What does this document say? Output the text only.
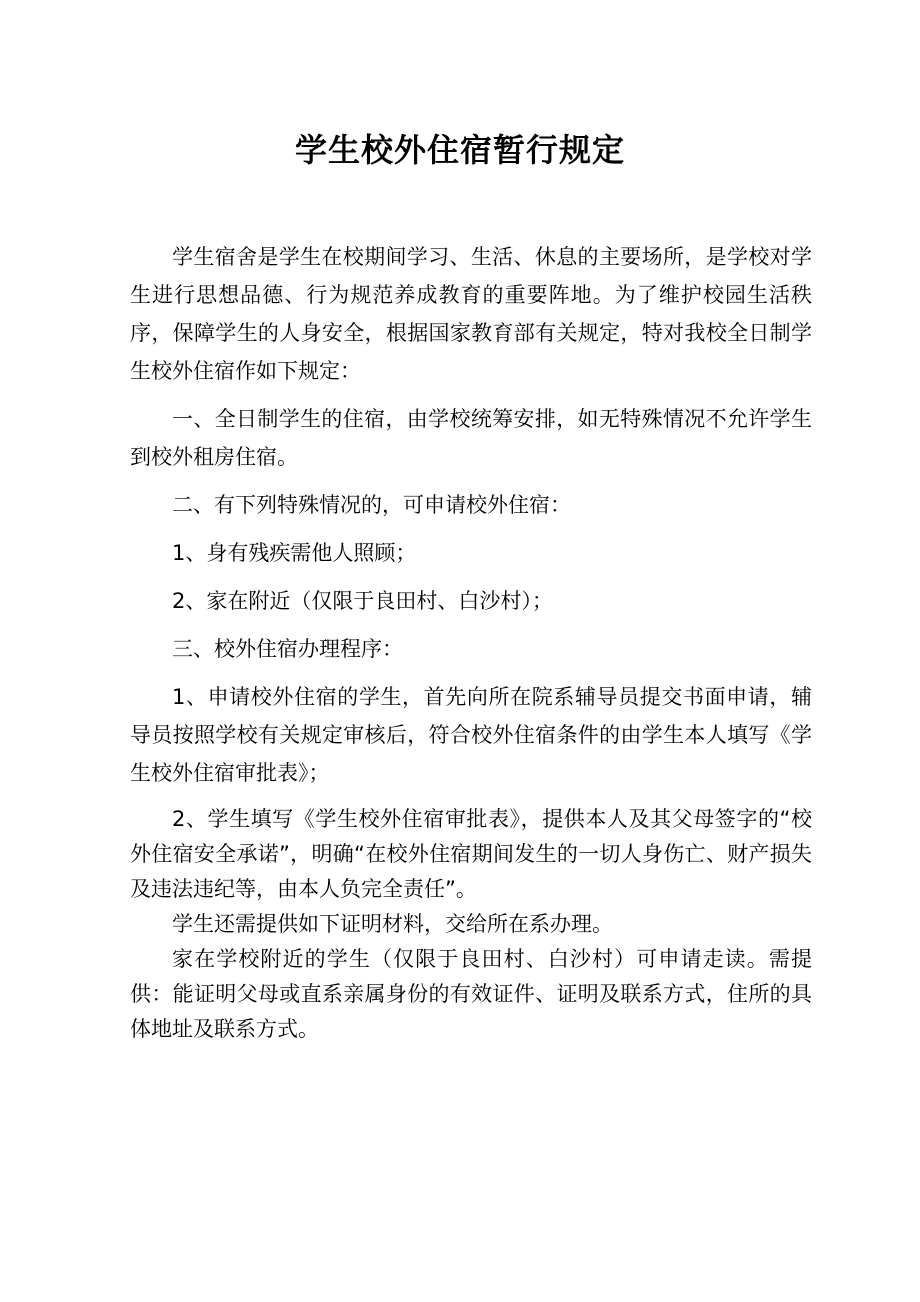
学生校外住宿暂行规定

学生宿舍是学生在校期间学习、生活、休息的主要场所，是学校对学生进行思想品德、行为规范养成教育的重要阵地。为了维护校园生活秩序，保障学生的人身安全，根据国家教育部有关规定，特对我校全日制学生校外住宿作如下规定：

一、全日制学生的住宿，由学校统筹安排，如无特殊情况不允许学生到校外租房住宿。

二、有下列特殊情况的，可申请校外住宿：

1、身有残疾需他人照顾；

2、家在附近（仅限于良田村、白沙村）；

三、校外住宿办理程序：

1、申请校外住宿的学生，首先向所在院系辅导员提交书面申请，辅导员按照学校有关规定审核后，符合校外住宿条件的由学生本人填写《学生校外住宿审批表》；

2、学生填写《学生校外住宿审批表》，提供本人及其父母签字的“校外住宿安全承诺”，明确“在校外住宿期间发生的一切人身伤亡、财产损失及违法违纪等，由本人负完全责任”。

学生还需提供如下证明材料，交给所在系办理。

家在学校附近的学生（仅限于良田村、白沙村）可申请走读。需提供：能证明父母或直系亲属身份的有效证件、证明及联系方式，住所的具体地址及联系方式。
